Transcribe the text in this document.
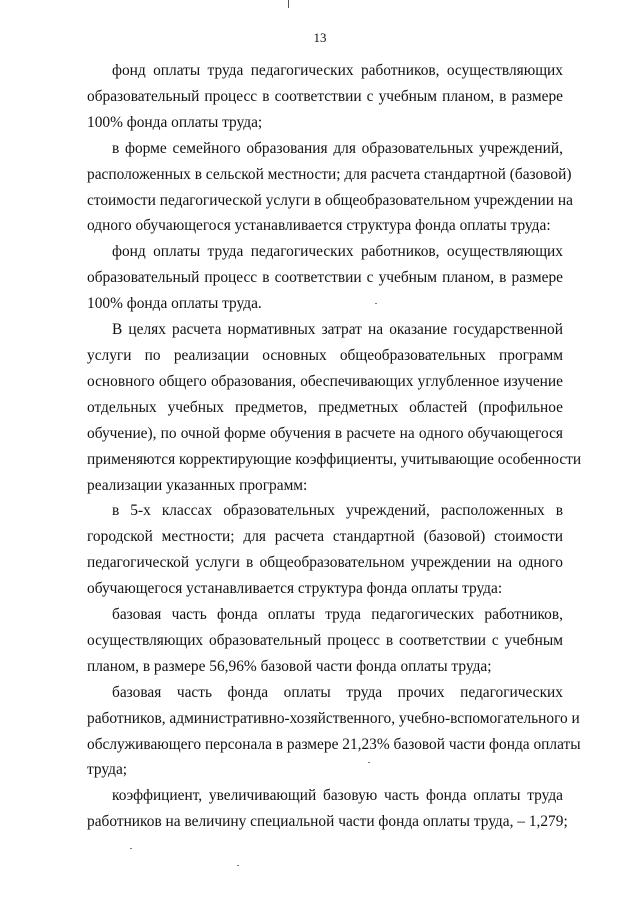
13
фонд оплаты труда педагогических работников, осуществляющих
образовательный процесс в соответствии с учебным планом, в размере
100% фонда оплаты труда;
в форме семейного образования для образовательных учреждений,
расположенных в сельской местности; для расчета стандартной (базовой)
стоимости педагогической услуги в общеобразовательном учреждении на
одного обучающегося устанавливается структура фонда оплаты труда:
фонд оплаты труда педагогических работников, осуществляющих
образовательный процесс в соответствии с учебным планом, в размере
100% фонда оплаты труда.
В целях расчета нормативных затрат на оказание государственной
услуги по реализации основных общеобразовательных программ
основного общего образования, обеспечивающих углубленное изучение
отдельных учебных предметов, предметных областей (профильное
обучение), по очной форме обучения в расчете на одного обучающегося
применяются корректирующие коэффициенты, учитывающие особенности
реализации указанных программ:
в 5-х классах образовательных учреждений, расположенных в
городской местности; для расчета стандартной (базовой) стоимости
педагогической услуги в общеобразовательном учреждении на одного
обучающегося устанавливается структура фонда оплаты труда:
базовая часть фонда оплаты труда педагогических работников,
осуществляющих образовательный процесс в соответствии с учебным
планом, в размере 56,96% базовой части фонда оплаты труда;
базовая часть фонда оплаты труда прочих педагогических
работников, административно-хозяйственного, учебно-вспомогательного и
обслуживающего персонала в размере 21,23% базовой части фонда оплаты
труда;
коэффициент, увеличивающий базовую часть фонда оплаты труда
работников на величину специальной части фонда оплаты труда, – 1,279;
